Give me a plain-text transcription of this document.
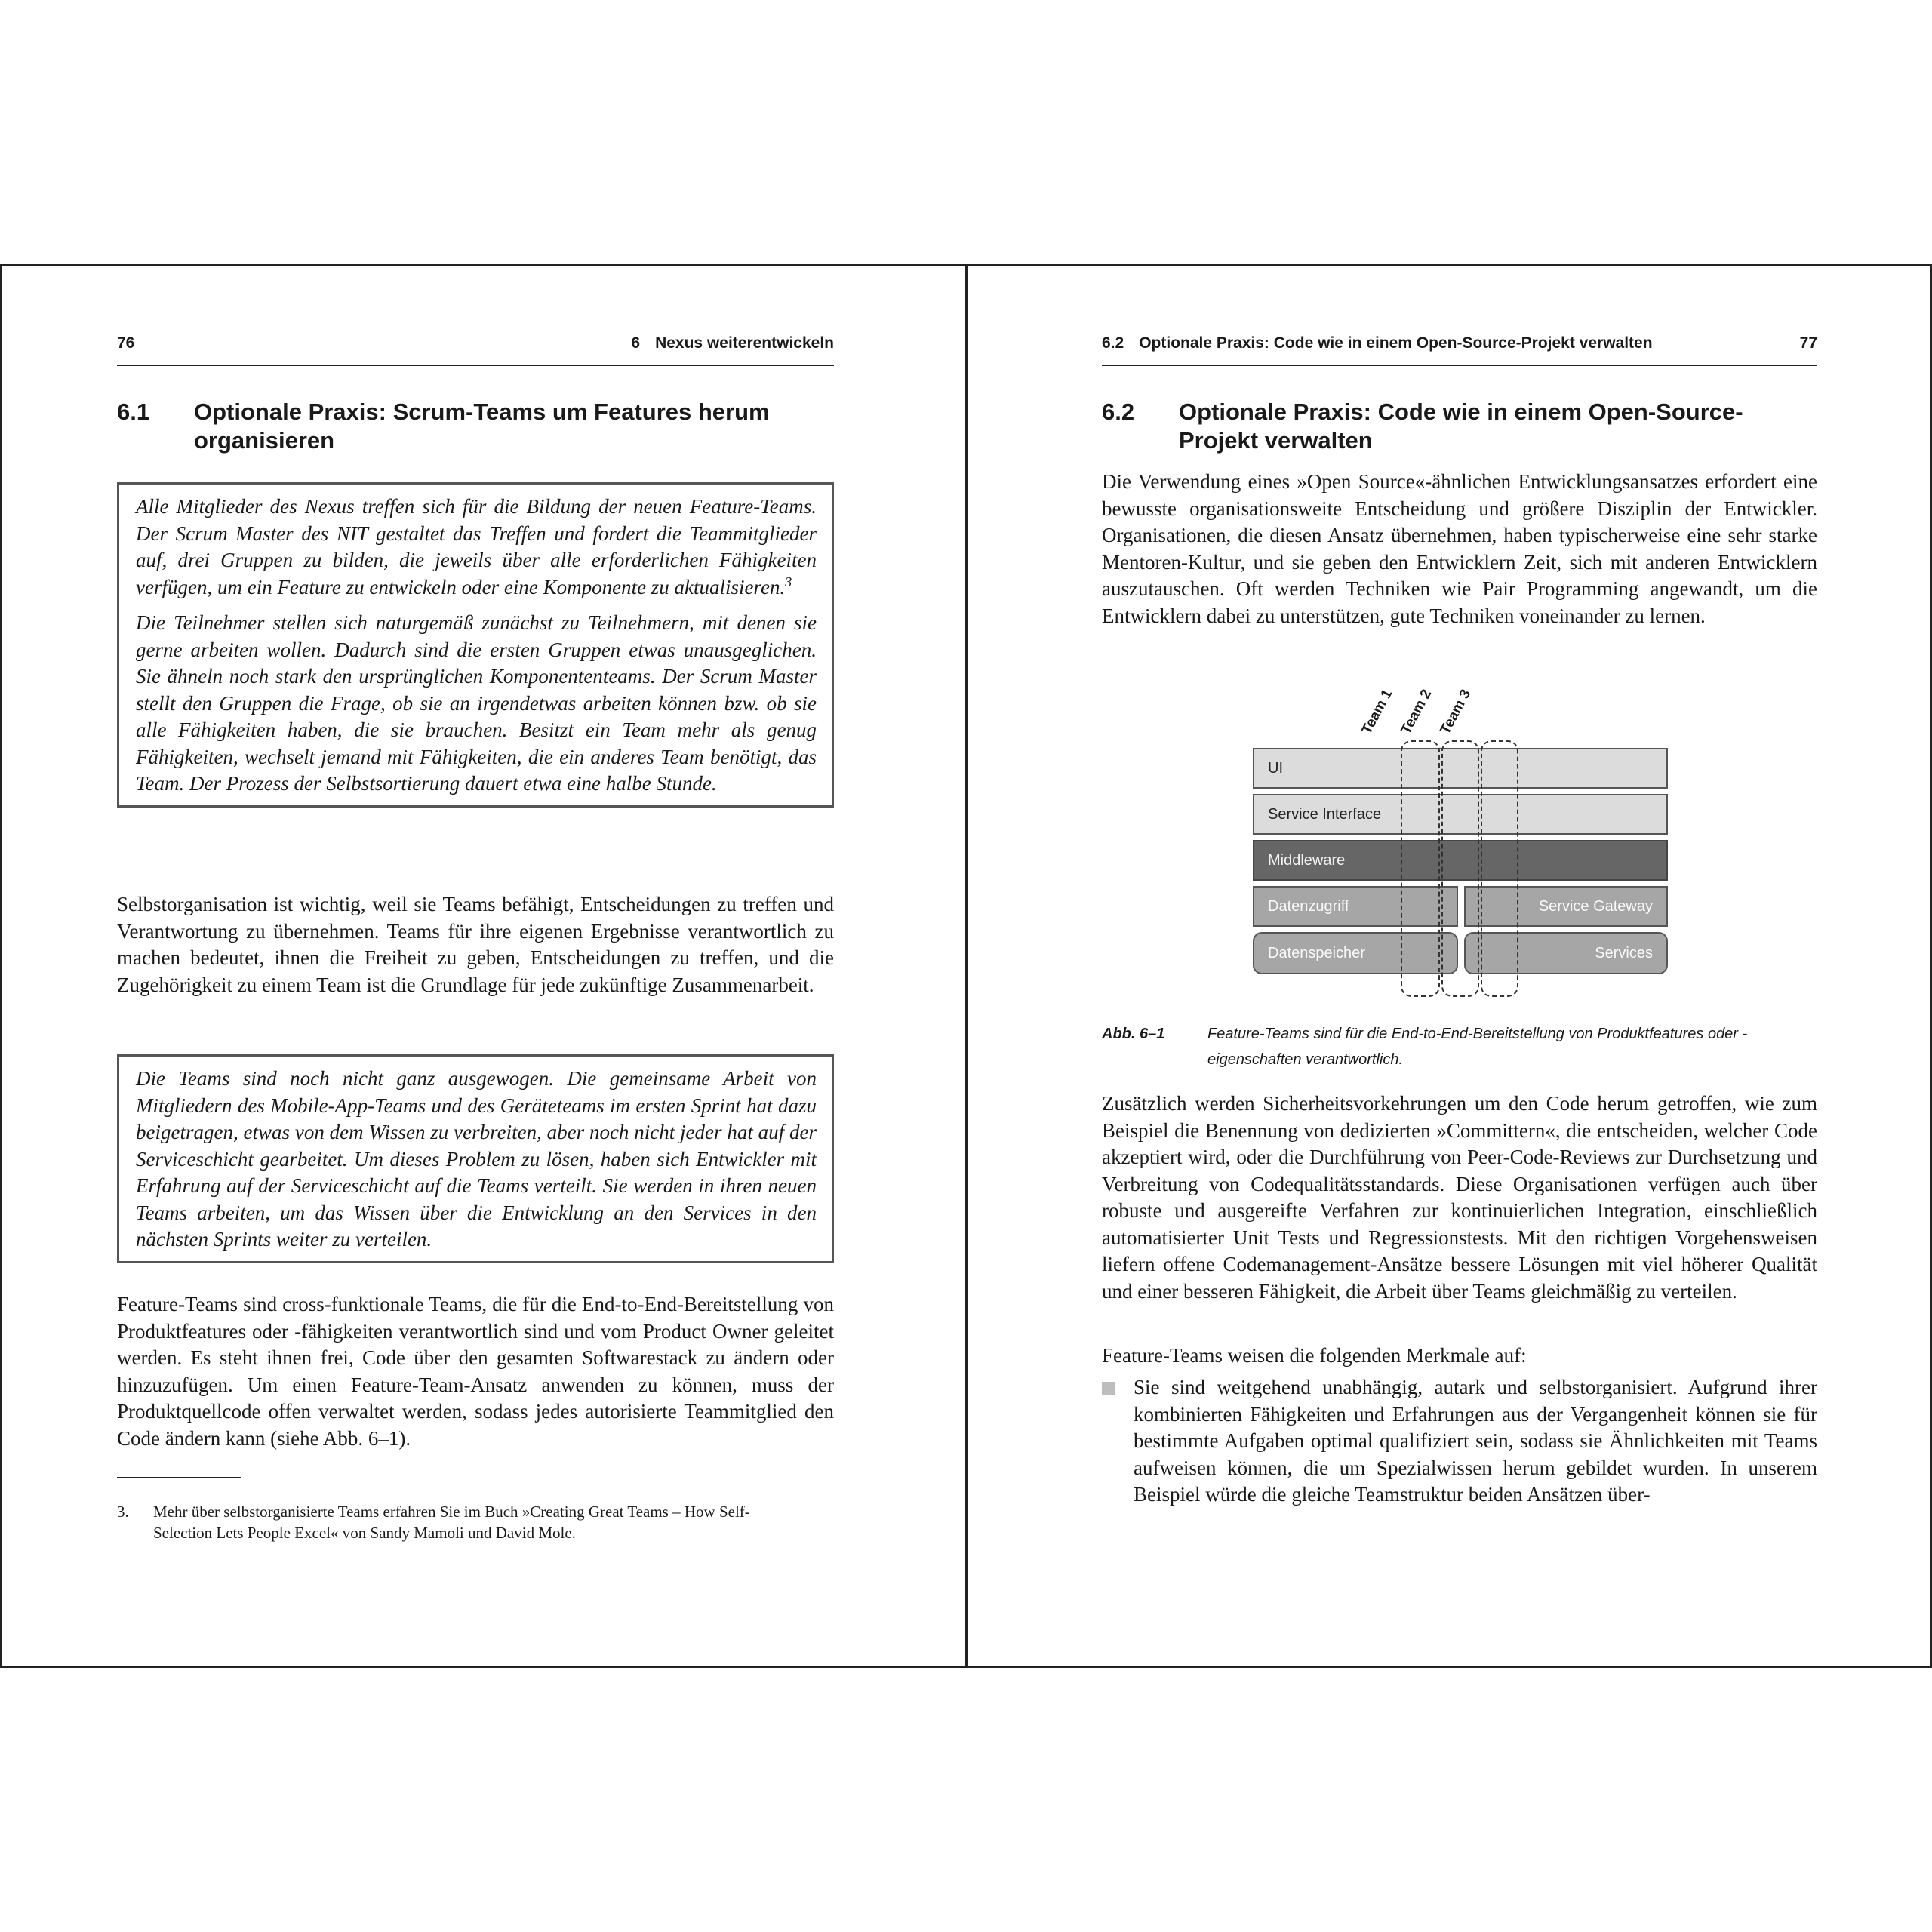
76	6 Nexus weiterentwickeln
6.1	Optionale Praxis: Scrum-Teams um Features herum organisieren

Alle Mitglieder des Nexus treffen sich für die Bildung der neuen Feature-Teams. Der Scrum Master des NIT gestaltet das Treffen und fordert die Teammitglieder auf, drei Gruppen zu bilden, die jeweils über alle erforderlichen Fähigkeiten verfügen, um ein Feature zu entwickeln oder eine Komponente zu aktualisieren.$^3$

Die Teilnehmer stellen sich naturgemäß zunächst zu Teilnehmern, mit denen sie gerne arbeiten wollen. Dadurch sind die ersten Gruppen etwas unausgeglichen. Sie ähneln noch stark den ursprünglichen Komponententeams. Der Scrum Master stellt den Gruppen die Frage, ob sie an irgendetwas arbeiten können bzw. ob sie alle Fähigkeiten haben, die sie brauchen. Besitzt ein Team mehr als genug Fähigkeiten, wechselt jemand mit Fähigkeiten, die ein anderes Team benötigt, das Team. Der Prozess der Selbstsortierung dauert etwa eine halbe Stunde.

Selbstorganisation ist wichtig, weil sie Teams befähigt, Entscheidungen zu treffen und Verantwortung zu übernehmen. Teams für ihre eigenen Ergebnisse verantwortlich zu machen bedeutet, ihnen die Freiheit zu geben, Entscheidungen zu treffen, und die Zugehörigkeit zu einem Team ist die Grundlage für jede zukünftige Zusammenarbeit.

Die Teams sind noch nicht ganz ausgewogen. Die gemeinsame Arbeit von Mitgliedern des Mobile-App-Teams und des Geräteteams im ersten Sprint hat dazu beigetragen, etwas von dem Wissen zu verbreiten, aber noch nicht jeder hat auf der Serviceschicht gearbeitet. Um dieses Problem zu lösen, haben sich Entwickler mit Erfahrung auf der Serviceschicht auf die Teams verteilt. Sie werden in ihren neuen Teams arbeiten, um das Wissen über die Entwicklung an den Services in den nächsten Sprints weiter zu verteilen.

Feature-Teams sind cross-funktionale Teams, die für die End-to-End-Bereitstellung von Produktfeatures oder -fähigkeiten verantwortlich sind und vom Product Owner geleitet werden. Es steht ihnen frei, Code über den gesamten Softwarestack zu ändern oder hinzuzufügen. Um einen Feature-Team-Ansatz anwenden zu können, muss der Produktquellcode offen verwaltet werden, sodass jedes autorisierte Teammitglied den Code ändern kann (siehe Abb. 6–1).

3.	Mehr über selbstorganisierte Teams erfahren Sie im Buch »Creating Great Teams – How Self-Selection Lets People Excel« von Sandy Mamoli und David Mole.
6.2 Optionale Praxis: Code wie in einem Open-Source-Projekt verwalten	77
6.2	Optionale Praxis: Code wie in einem Open-Source-Projekt verwalten

Die Verwendung eines »Open Source«-ähnlichen Entwicklungsansatzes erfordert eine bewusste organisationsweite Entscheidung und größere Disziplin der Entwickler. Organisationen, die diesen Ansatz übernehmen, haben typischerweise eine sehr starke Mentoren-Kultur, und sie geben den Entwicklern Zeit, sich mit anderen Entwicklern auszutauschen. Oft werden Techniken wie Pair Programming angewandt, um die Entwicklern dabei zu unterstützen, gute Techniken voneinander zu lernen.

Team 1 Team 2 Team 3
UI
Service Interface
Middleware
Datenzugriff	Service Gateway
Datenspeicher	Services
Abb. 6–1	Feature-Teams sind für die End-to-End-Bereitstellung von Produktfeatures oder -eigenschaften verantwortlich.

Zusätzlich werden Sicherheitsvorkehrungen um den Code herum getroffen, wie zum Beispiel die Benennung von dedizierten »Committern«, die entscheiden, welcher Code akzeptiert wird, oder die Durchführung von Peer-Code-Reviews zur Durchsetzung und Verbreitung von Codequalitätsstandards. Diese Organisationen verfügen auch über robuste und ausgereifte Verfahren zur kontinuierlichen Integration, einschließlich automatisierter Unit Tests und Regressionstests. Mit den richtigen Vorgehensweisen liefern offene Codemanagement-Ansätze bessere Lösungen mit viel höherer Qualität und einer besseren Fähigkeit, die Arbeit über Teams gleichmäßig zu verteilen.

Feature-Teams weisen die folgenden Merkmale auf:

Sie sind weitgehend unabhängig, autark und selbstorganisiert. Aufgrund ihrer kombinierten Fähigkeiten und Erfahrungen aus der Vergangenheit können sie für bestimmte Aufgaben optimal qualifiziert sein, sodass sie Ähnlichkeiten mit Teams aufweisen können, die um Spezialwissen herum gebildet wurden. In unserem Beispiel würde die gleiche Teamstruktur beiden Ansätzen über-
